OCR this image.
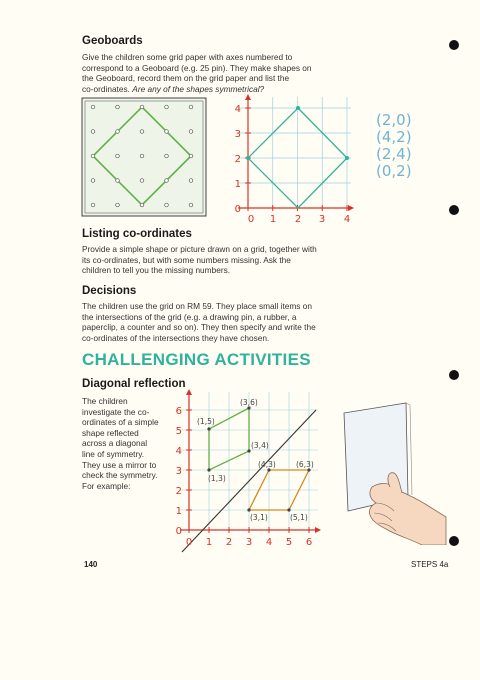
Geoboards

Give the children some grid paper with axes numbered to

correspond to a Geoboard (e.g. 25 pin). They make shapes on

the Geoboard, record them on the grid paper and list the

co-ordinates. Are any of the shapes symmetrical?

4
3
2
1
0
0 1 2 3 4
(2,0)
(4,2)
(2,4)
(0,2)
Listing co-ordinates

Provide a simple shape or picture drawn on a grid, together with

its co-ordinates, but with some numbers missing. Ask the

children to tell you the missing numbers.

Decisions

The children use the grid on RM 59. They place small items on

the intersections of the grid (e.g. a drawing pin, a rubber, a

paperclip, a counter and so on). They then specify and write the

co-ordinates of the intersections they have chosen.

CHALLENGING ACTIVITIES
Diagonal reflection

The children

investigate the co-

ordinates of a simple

shape reflected

across a diagonal

line of symmetry.

They use a mirror to

check the symmetry.

For example:

(3,6)
(1,5)
(3,4)
(1,3)
(4,3)	(6,3)
(3,1)	(5,1)
6
5
4
3
2
1
0
0 1 2 3 4 5 6
140	STEPS 4a
